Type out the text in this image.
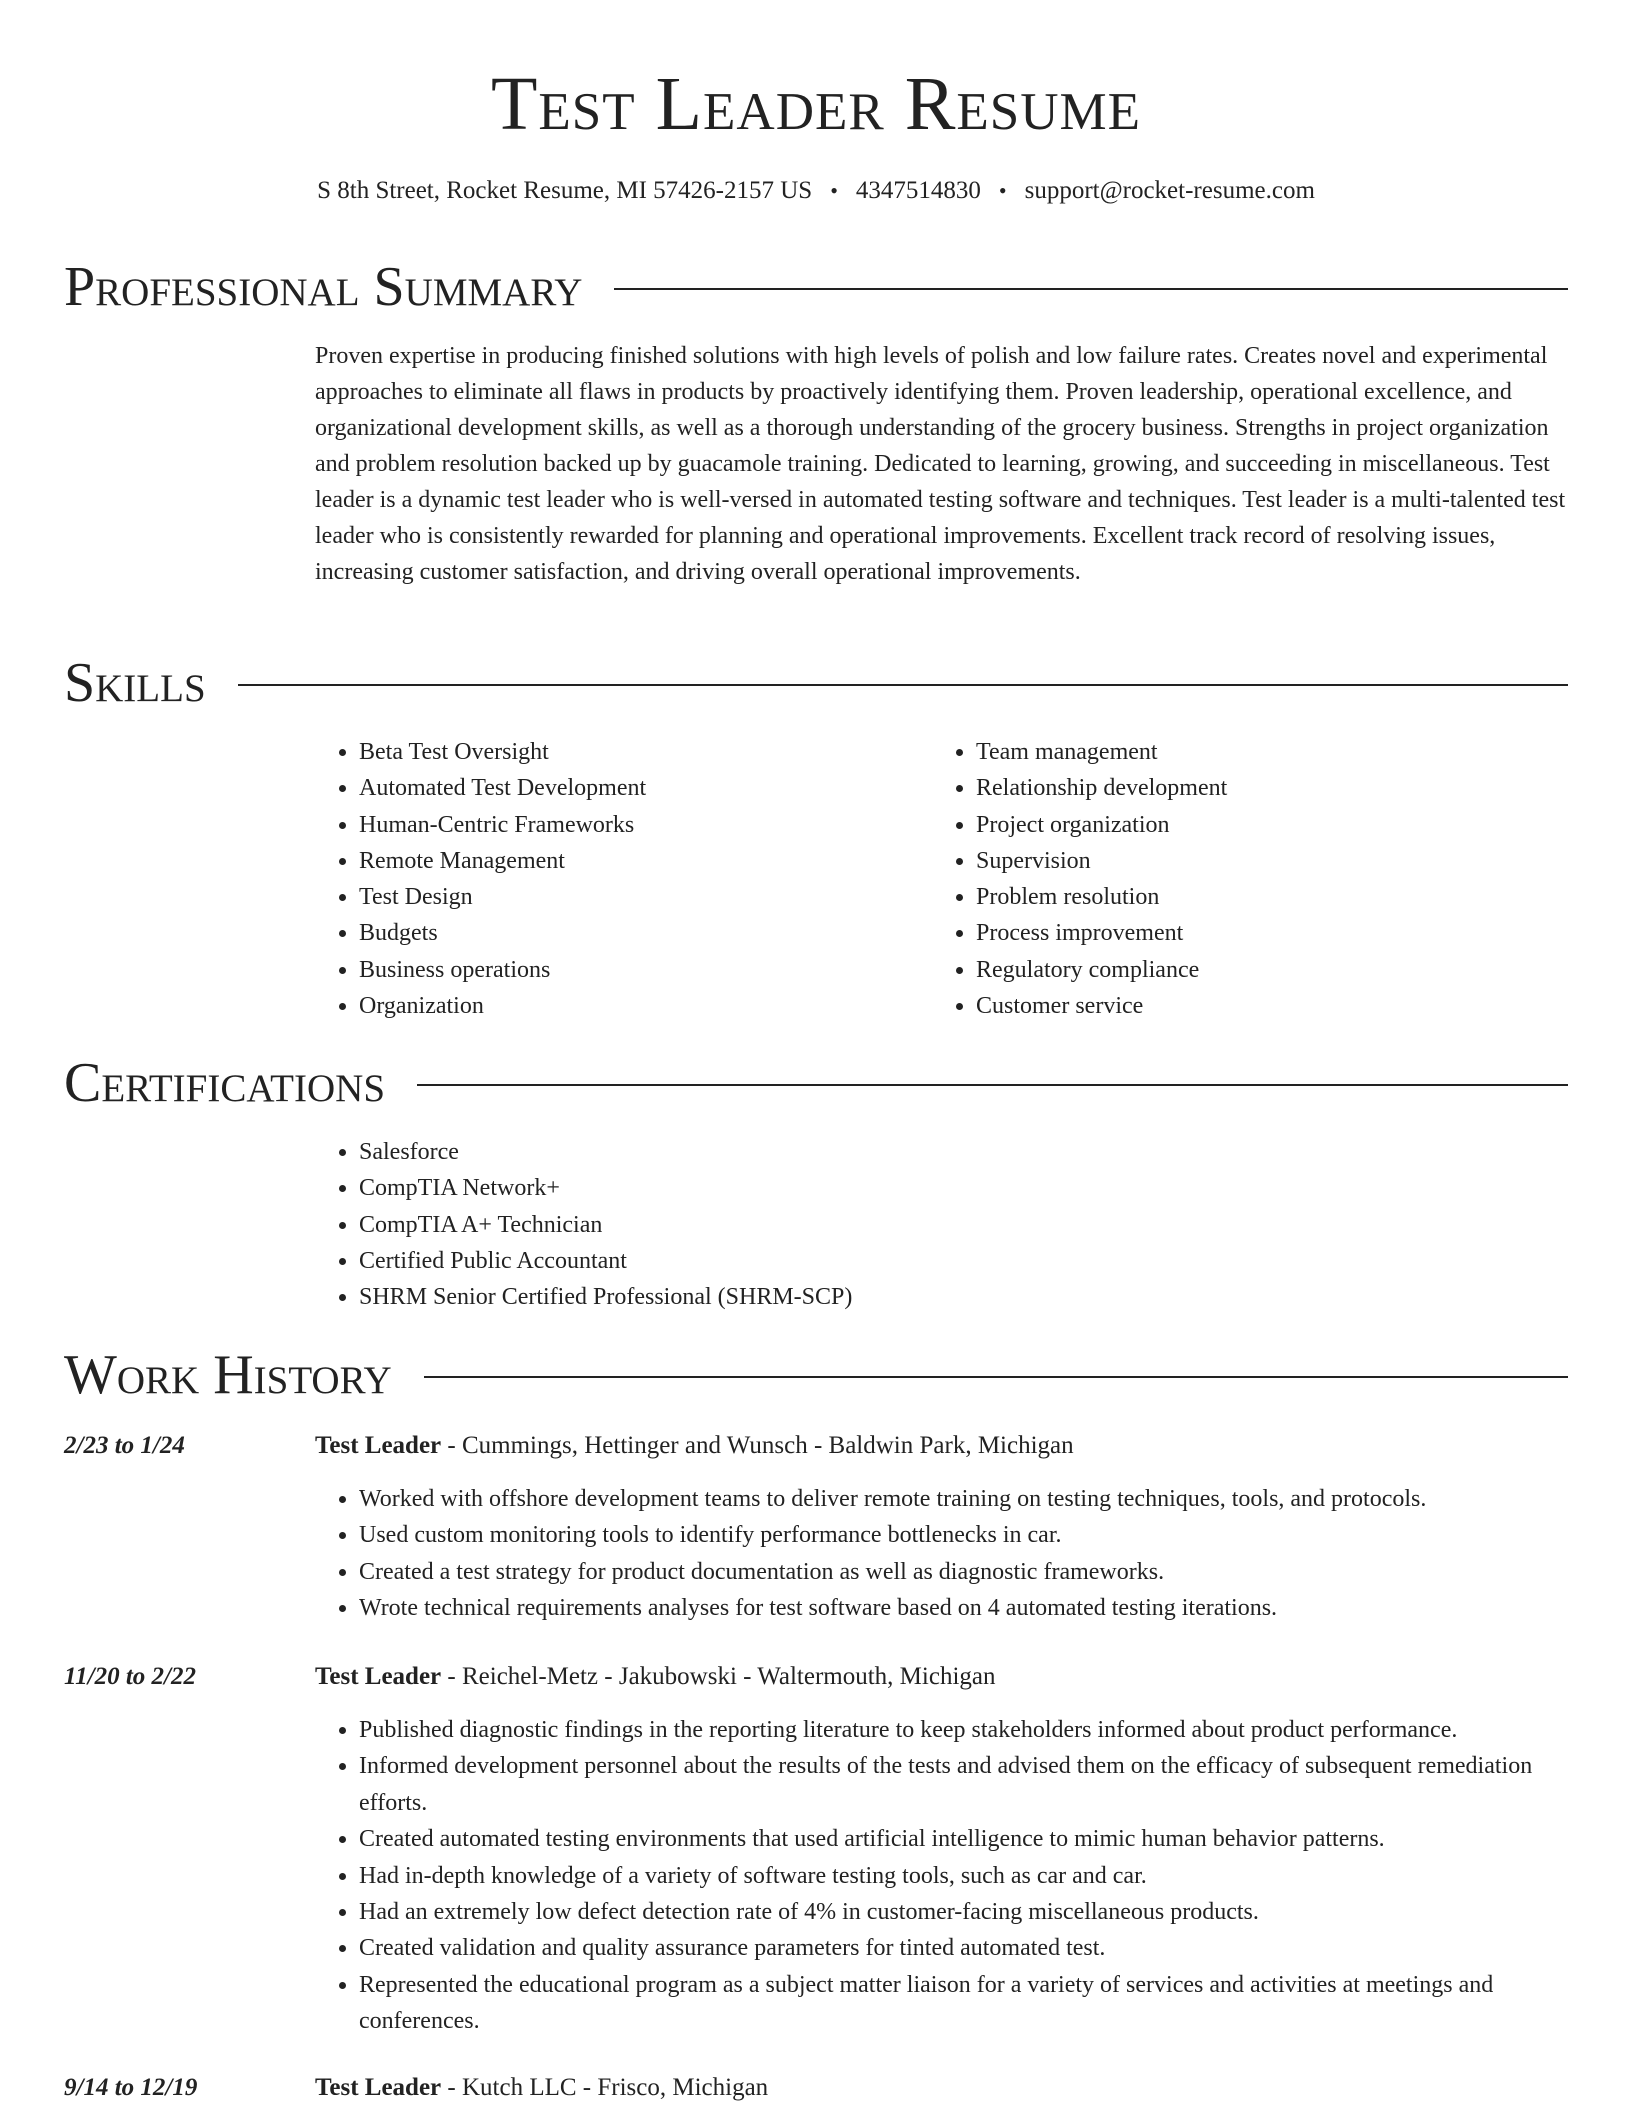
Test Leader Resume
S 8th Street, Rocket Resume, MI 57426-2157 US • 4347514830 • support@rocket-resume.com
Professional Summary

Proven expertise in producing finished solutions with high levels of polish and low failure rates. Creates novel and experimental approaches to eliminate all flaws in products by proactively identifying them. Proven leadership, operational excellence, and organizational development skills, as well as a thorough understanding of the grocery business. Strengths in project organization and problem resolution backed up by guacamole training. Dedicated to learning, growing, and succeeding in miscellaneous. Test leader is a dynamic test leader who is well-versed in automated testing software and techniques. Test leader is a multi-talented test leader who is consistently rewarded for planning and operational improvements. Excellent track record of resolving issues, increasing customer satisfaction, and driving overall operational improvements.

Skills
• Beta Test Oversight
• Automated Test Development
• Human-Centric Frameworks
• Remote Management
• Test Design
• Budgets
• Business operations
• Organization
• Team management
• Relationship development
• Project organization
• Supervision
• Problem resolution
• Process improvement
• Regulatory compliance
• Customer service
Certifications
• Salesforce
• CompTIA Network+
• CompTIA A+ Technician
• Certified Public Accountant
• SHRM Senior Certified Professional (SHRM-SCP)
Work History
2/23 to 1/24	Test Leader - Cummings, Hettinger and Wunsch - Baldwin Park, Michigan
• Worked with offshore development teams to deliver remote training on testing techniques, tools, and protocols.
• Used custom monitoring tools to identify performance bottlenecks in car.
• Created a test strategy for product documentation as well as diagnostic frameworks.
• Wrote technical requirements analyses for test software based on 4 automated testing iterations.
11/20 to 2/22	Test Leader - Reichel-Metz - Jakubowski - Waltermouth, Michigan
• Published diagnostic findings in the reporting literature to keep stakeholders informed about product performance.
• Informed development personnel about the results of the tests and advised them on the efficacy of subsequent remediation efforts.
• Created automated testing environments that used artificial intelligence to mimic human behavior patterns.
• Had in-depth knowledge of a variety of software testing tools, such as car and car.
• Had an extremely low defect detection rate of 4% in customer-facing miscellaneous products.
• Created validation and quality assurance parameters for tinted automated test.
• Represented the educational program as a subject matter liaison for a variety of services and activities at meetings and conferences.
9/14 to 12/19	Test Leader - Kutch LLC - Frisco, Michigan
